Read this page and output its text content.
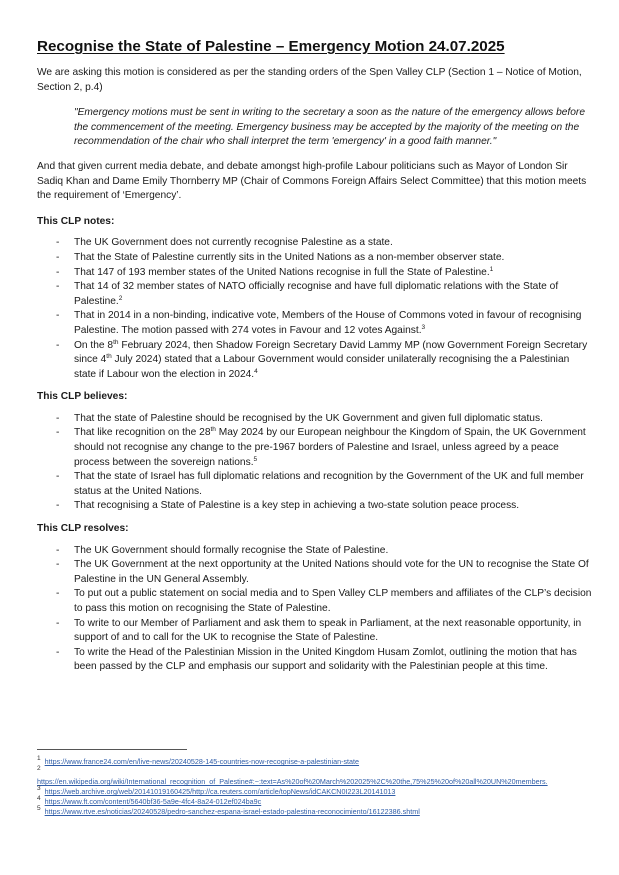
Recognise the State of Palestine – Emergency Motion 24.07.2025

We are asking this motion is considered as per the standing orders of the Spen Valley CLP (Section 1 – Notice of Motion, Section 2, p.4)

"Emergency motions must be sent in writing to the secretary a soon as the nature of the emergency allows before the commencement of the meeting. Emergency business may be accepted by the majority of the meeting on the recommendation of the chair who shall interpret the term 'emergency' in a good faith manner."

And that given current media debate, and debate amongst high-profile Labour politicians such as Mayor of London Sir Sadiq Khan and Dame Emily Thornberry MP (Chair of Commons Foreign Affairs Select Committee) that this motion meets the requirement of ‘Emergency’.

This CLP notes:

- The UK Government does not currently recognise Palestine as a state.
- That the State of Palestine currently sits in the United Nations as a non-member observer state.
- That 147 of 193 member states of the United Nations recognise in full the State of Palestine.$^1$
- That 14 of 32 member states of NATO officially recognise and have full diplomatic relations with the State of Palestine.$^2$
- That in 2014 in a non-binding, indicative vote, Members of the House of Commons voted in favour of recognising Palestine. The motion passed with 274 votes in Favour and 12 votes Against.$^3$
- On the 8th February 2024, then Shadow Foreign Secretary David Lammy MP (now Government Foreign Secretary since 4th July 2024) stated that a Labour Government would consider unilaterally recognising the a Palestinian state if Labour won the election in 2024.$^4$

This CLP believes:

- That the state of Palestine should be recognised by the UK Government and given full diplomatic status.
- That like recognition on the 28th May 2024 by our European neighbour the Kingdom of Spain, the UK Government should not recognise any change to the pre-1967 borders of Palestine and Israel, unless agreed by a peace process between the sovereign nations.$^5$
- That the state of Israel has full diplomatic relations and recognition by the Government of the UK and full member status at the United Nations.
- That recognising a State of Palestine is a key step in achieving a two-state solution peace process.

This CLP resolves:

- The UK Government should formally recognise the State of Palestine.
- The UK Government at the next opportunity at the United Nations should vote for the UN to recognise the State Of Palestine in the UN General Assembly.
- To put out a public statement on social media and to Spen Valley CLP members and affiliates of the CLP’s decision to pass this motion on recognising the State of Palestine.
- To write to our Member of Parliament and ask them to speak in Parliament, at the next reasonable opportunity, in support of and to call for the UK to recognise the State of Palestine.
- To write the Head of the Palestinian Mission in the United Kingdom Husam Zomlot, outlining the motion that has been passed by the CLP and emphasis our support and solidarity with the Palestinian people at this time.
$^1$ https://www.france24.com/en/live-news/20240528-145-countries-now-recognise-a-palestinian-state
$^2$
https://en.wikipedia.org/wiki/International_recognition_of_Palestine#:~:text=As%20of%20March%202025%2C%20the,75%25%20of%20all%20UN%20members.
$^3$ https://web.archive.org/web/20141019160425/http://ca.reuters.com/article/topNews/idCAKCN0I223L20141013
$^4$ https://www.ft.com/content/5640bf36-5a9e-4fc4-8a24-012ef024ba9c
$^5$ https://www.rtve.es/noticias/20240528/pedro-sanchez-espana-israel-estado-palestina-reconocimiento/16122386.shtml
